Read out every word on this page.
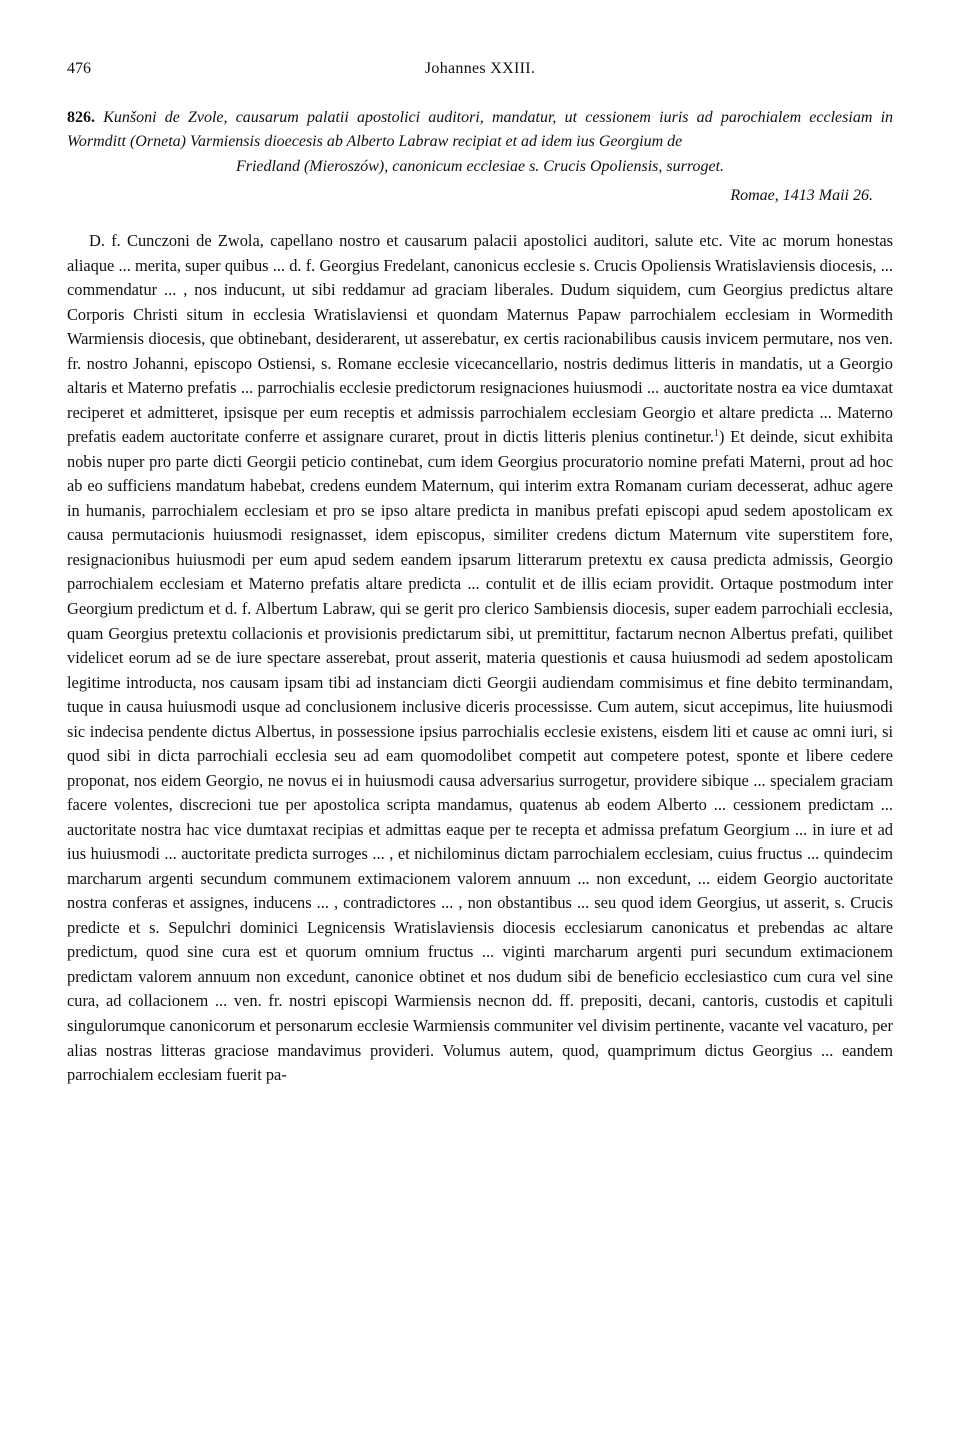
476	Johannes XXIII.
826. Kunšoni de Zvole, causarum palatii apostolici auditori, mandatur, ut cessionem iuris ad parochialem ecclesiam in Wormditt (Orneta) Varmiensis dioecesis ab Alberto Labraw recipiat et ad idem ius Georgium de
Friedland (Mieroszów), canonicum ecclesiae s. Crucis Opoliensis, surroget.
Romae, 1413 Maii 26.

D. f. Cunczoni de Zwola, capellano nostro et causarum palacii apostolici auditori, salute etc. Vite ac morum honestas aliaque ... merita, super quibus ... d. f. Georgius Fredelant, canonicus ecclesie s. Crucis Opoliensis Wratislaviensis diocesis, ... commendatur ... , nos inducunt, ut sibi reddamur ad graciam liberales. Dudum siquidem, cum Georgius predictus altare Corporis Christi situm in ecclesia Wratislaviensi et quondam Maternus Papaw parrochialem ecclesiam in Wormedith Warmiensis diocesis, que obtinebant, desiderarent, ut asserebatur, ex certis racionabilibus causis invicem permutare, nos ven. fr. nostro Johanni, episcopo Ostiensi, s. Romane ecclesie vicecancellario, nostris dedimus litteris in mandatis, ut a Georgio altaris et Materno prefatis ... parrochialis ecclesie predictorum resignaciones huiusmodi ... auctoritate nostra ea vice dumtaxat reciperet et admitteret, ipsisque per eum receptis et admissis parrochialem ecclesiam Georgio et altare predicta ... Materno prefatis eadem auctoritate conferre et assignare curaret, prout in dictis litteris plenius continetur.$^1$) Et deinde, sicut exhibita nobis nuper pro parte dicti Georgii peticio continebat, cum idem Georgius procuratorio nomine prefati Materni, prout ad hoc ab eo sufficiens mandatum habebat, credens eundem Maternum, qui interim extra Romanam curiam decesserat, adhuc agere in humanis, parrochialem ecclesiam et pro se ipso altare predicta in manibus prefati episcopi apud sedem apostolicam ex causa permutacionis huiusmodi resignasset, idem episcopus, similiter credens dictum Maternum vite superstitem fore, resignacionibus huiusmodi per eum apud sedem eandem ipsarum litterarum pretextu ex causa predicta admissis, Georgio parrochialem ecclesiam et Materno prefatis altare predicta ... contulit et de illis eciam providit. Ortaque postmodum inter Georgium predictum et d. f. Albertum Labraw, qui se gerit pro clerico Sambiensis diocesis, super eadem parrochiali ecclesia, quam Georgius pretextu collacionis et provisionis predictarum sibi, ut premittitur, factarum necnon Albertus prefati, quilibet videlicet eorum ad se de iure spectare asserebat, prout asserit, materia questionis et causa huiusmodi ad sedem apostolicam legitime introducta, nos causam ipsam tibi ad instanciam dicti Georgii audiendam commisimus et fine debito terminandam, tuque in causa huiusmodi usque ad conclusionem inclusive diceris processisse. Cum autem, sicut accepimus, lite huiusmodi sic indecisa pendente dictus Albertus, in possessione ipsius parrochialis ecclesie existens, eisdem liti et cause ac omni iuri, si quod sibi in dicta parrochiali ecclesia seu ad eam quomodolibet competit aut competere potest, sponte et libere cedere proponat, nos eidem Georgio, ne novus ei in huiusmodi causa adversarius surrogetur, providere sibique ... specialem graciam facere volentes, discrecioni tue per apostolica scripta mandamus, quatenus ab eodem Alberto ... cessionem predictam ... auctoritate nostra hac vice dumtaxat recipias et admittas eaque per te recepta et admissa prefatum Georgium ... in iure et ad ius huiusmodi ... auctoritate predicta surroges ... , et nichilominus dictam parrochialem ecclesiam, cuius fructus ... quindecim marcharum argenti secundum communem extimacionem valorem annuum ... non excedunt, ... eidem Georgio auctoritate nostra conferas et assignes, inducens ... , contradictores ... , non obstantibus ... seu quod idem Georgius, ut asserit, s. Crucis predicte et s. Sepulchri dominici Legnicensis Wratislaviensis diocesis ecclesiarum canonicatus et prebendas ac altare predictum, quod sine cura est et quorum omnium fructus ... viginti marcharum argenti puri secundum extimacionem predictam valorem annuum non excedunt, canonice obtinet et nos dudum sibi de beneficio ecclesiastico cum cura vel sine cura, ad collacionem ... ven. fr. nostri episcopi Warmiensis necnon dd. ff. prepositi, decani, cantoris, custodis et capituli singulorumque canonicorum et personarum ecclesie Warmiensis communiter vel divisim pertinente, vacante vel vacaturo, per alias nostras litteras graciose mandavimus provideri. Volumus autem, quod, quamprimum dictus Georgius ... eandem parrochialem ecclesiam fuerit pa-
